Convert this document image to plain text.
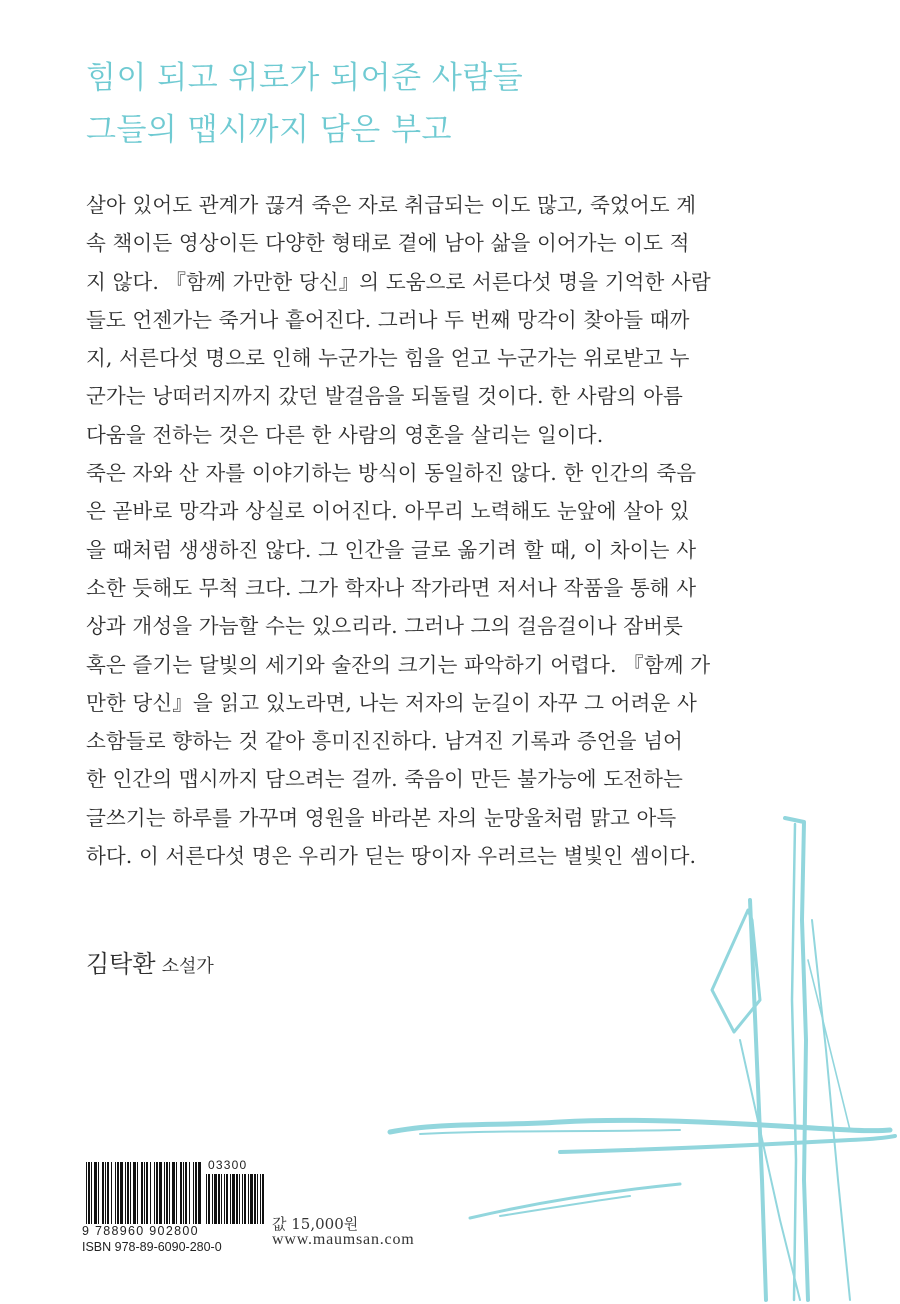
힘이 되고 위로가 되어준 사람들
그들의 맵시까지 담은 부고
살아 있어도 관계가 끊겨 죽은 자로 취급되는 이도 많고, 죽었어도 계
속 책이든 영상이든 다양한 형태로 곁에 남아 삶을 이어가는 이도 적
지 않다. 『함께 가만한 당신』의 도움으로 서른다섯 명을 기억한 사람
들도 언젠가는 죽거나 흩어진다. 그러나 두 번째 망각이 찾아들 때까
지, 서른다섯 명으로 인해 누군가는 힘을 얻고 누군가는 위로받고 누
군가는 낭떠러지까지 갔던 발걸음을 되돌릴 것이다. 한 사람의 아름
다움을 전하는 것은 다른 한 사람의 영혼을 살리는 일이다.
죽은 자와 산 자를 이야기하는 방식이 동일하진 않다. 한 인간의 죽음
은 곧바로 망각과 상실로 이어진다. 아무리 노력해도 눈앞에 살아 있
을 때처럼 생생하진 않다. 그 인간을 글로 옮기려 할 때, 이 차이는 사
소한 듯해도 무척 크다. 그가 학자나 작가라면 저서나 작품을 통해 사
상과 개성을 가늠할 수는 있으리라. 그러나 그의 걸음걸이나 잠버릇
혹은 즐기는 달빛의 세기와 술잔의 크기는 파악하기 어렵다. 『함께 가
만한 당신』을 읽고 있노라면, 나는 저자의 눈길이 자꾸 그 어려운 사
소함들로 향하는 것 같아 흥미진진하다. 남겨진 기록과 증언을 넘어
한 인간의 맵시까지 담으려는 걸까. 죽음이 만든 불가능에 도전하는
글쓰기는 하루를 가꾸며 영원을 바라본 자의 눈망울처럼 맑고 아득
하다. 이 서른다섯 명은 우리가 딛는 땅이자 우러르는 별빛인 셈이다.
김탁환 소설가
03300
9 788960 902800
ISBN 978-89-6090-280-0
값 15,000원
www.maumsan.com
